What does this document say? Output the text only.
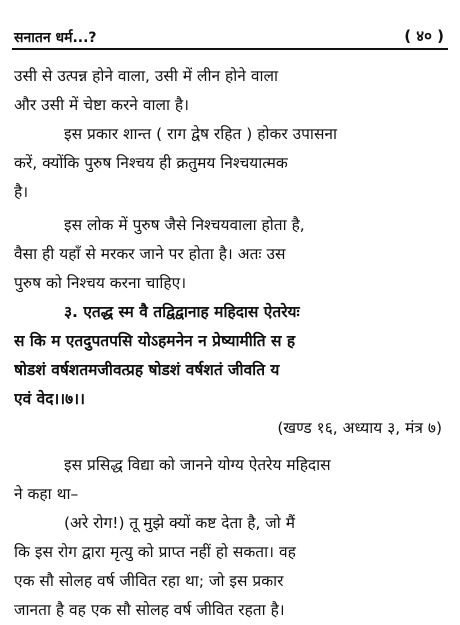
सनातन धर्म...?	( ४० )
उसी से उत्पन्न होने वाला, उसी में लीन होने वाला
और उसी में चेष्टा करने वाला है।
इस प्रकार शान्त ( राग द्वेष रहित ) होकर उपासना
करें, क्योंकि पुरुष निश्चय ही क्रतुमय निश्चयात्मक
है।
इस लोक में पुरुष जैसे निश्चयवाला होता है,
वैसा ही यहाँ से मरकर जाने पर होता है। अतः उस
पुरुष को निश्चय करना चाहिए।
३. एतद्ध स्म वै तद्विद्वानाह महिदास ऐतरेयः
स कि म एतदुपतपसि योऽहमनेन न प्रेष्यामीति स ह
षोडशं वर्षशतमजीवत्प्रह षोडशं वर्षशतं जीवति य
एवं वेद।।७।।
(खण्ड १६, अध्याय ३, मंत्र ७)
इस प्रसिद्ध विद्या को जानने योग्य ऐतरेय महिदास
ने कहा था–
(अरे रोग!) तू मुझे क्यों कष्ट देता है, जो मैं
कि इस रोग द्वारा मृत्यु को प्राप्त नहीं हो सकता। वह
एक सौ सोलह वर्ष जीवित रहा था; जो इस प्रकार
जानता है वह एक सौ सोलह वर्ष जीवित रहता है।
